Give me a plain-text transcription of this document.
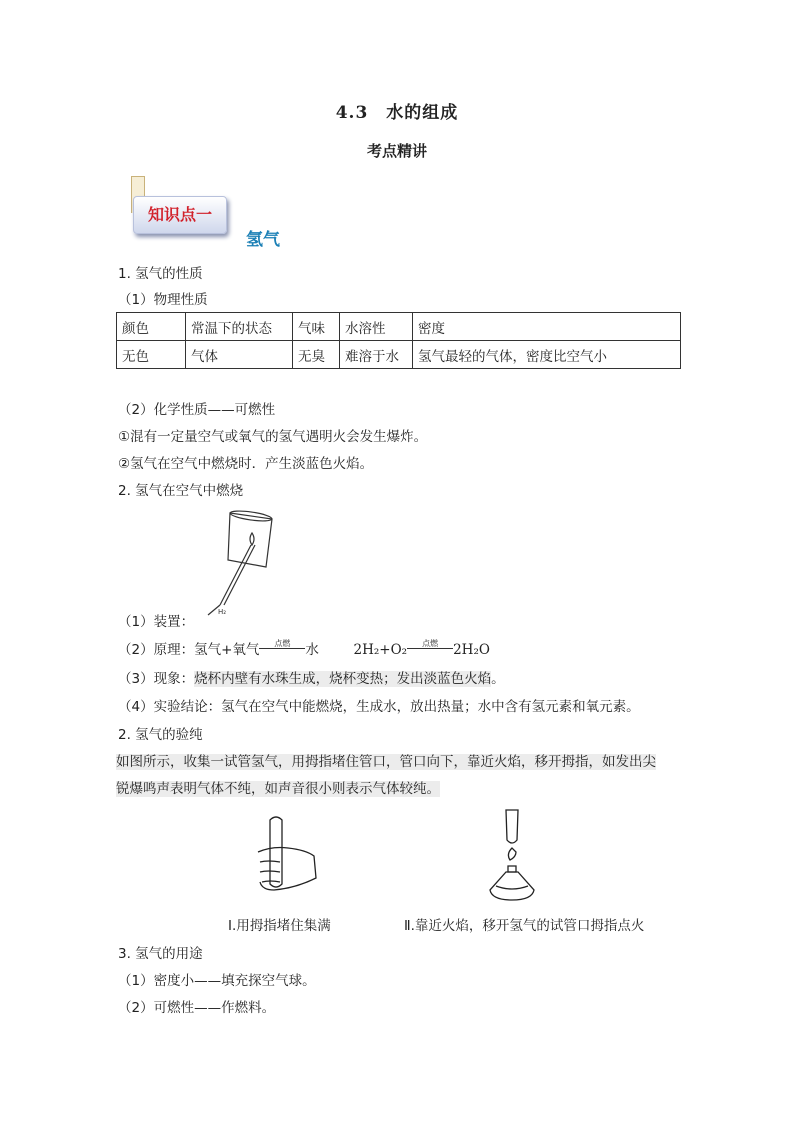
4.3　水的组成
考点精讲
知识点一
氢气
1. 氢气的性质
（1）物理性质
颜色	常温下的状态	气味	水溶性	密度
无色	气体	无臭	难溶于水	氢气最轻的气体，密度比空气小
（2）化学性质——可燃性
①混有一定量空气或氧气的氢气遇明火会发生爆炸。
②氢气在空气中燃烧时．产生淡蓝色火焰。
2. 氢气在空气中燃烧
H₂
（1）装置：
（2）原理：氢气+氧气 点燃 水	2H₂+O₂ 点燃 2H₂O
（3）现象：烧杯内壁有水珠生成，烧杯变热；发出淡蓝色火焰。
（4）实验结论：氢气在空气中能燃烧，生成水，放出热量；水中含有氢元素和氧元素。
2. 氢气的验纯
如图所示，收集一试管氢气，用拇指堵住管口，管口向下，靠近火焰，移开拇指，如发出尖
锐爆鸣声表明气体不纯，如声音很小则表示气体较纯。
Ⅰ.用拇指堵住集满	Ⅱ.靠近火焰，移开氢气的试管口拇指点火
3. 氢气的用途
（1）密度小——填充探空气球。
（2）可燃性——作燃料。
